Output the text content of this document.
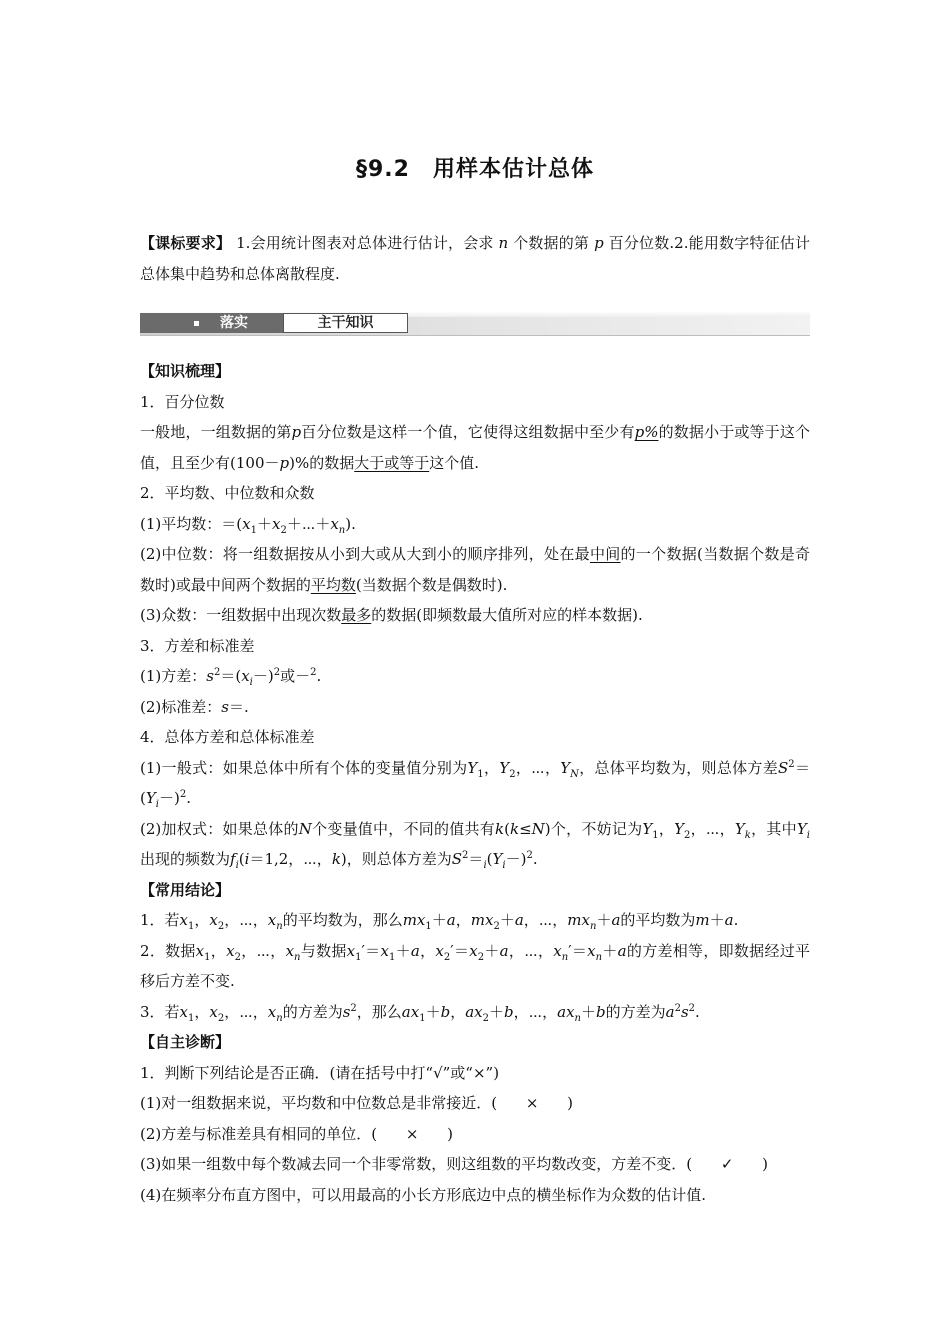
§9.2　用样本估计总体
【课标要求】 1.会用统计图表对总体进行估计，会求 n 个数据的第 p 百分位数.2.能用数字特征估计总体集中趋势和总体离散程度.
落实	主干知识
【知识梳理】
1．百分位数
一般地，一组数据的第p百分位数是这样一个值，它使得这组数据中至少有p%的数据小于或等于这个值，且至少有(100－p)%的数据大于或等于这个值.
2．平均数、中位数和众数
(1)平均数：$=(x_1+x_2+\cdots+x_n)$.
(2)中位数：将一组数据按从小到大或从大到小的顺序排列，处在最中间的一个数据(当数据个数是奇数时)或最中间两个数据的平均数(当数据个数是偶数时).
(3)众数：一组数据中出现次数最多的数据(即频数最大值所对应的样本数据).
3．方差和标准差
(1)方差：$s^2=(x_i-)^2$或－$^2$.
(2)标准差：s＝.
4．总体方差和总体标准差
(1)一般式：如果总体中所有个体的变量值分别为$Y_1$，$Y_2$，⋯，$Y_N$，总体平均数为，则总体方差$S^2=(Y_i-)^2$.
(2)加权式：如果总体的N个变量值中，不同的值共有k(k≤N)个，不妨记为$Y_1$，$Y_2$，⋯，$Y_k$，其中$Y_i$出现的频数为$f_i(i=1,2$，⋯，k)，则总体方差为$S^2=_i(Y_i-)^2$.
【常用结论】
1．若$x_1$，$x_2$，⋯，$x_n$的平均数为，那么$mx_1+a$，$mx_2+a$，⋯，$mx_n+a$的平均数为m＋a.
2．数据$x_1$，$x_2$，⋯，$x_n$与数据$x_1'=x_1+a$，$x_2'=x_2+a$，⋯，$x_n'=x_n+a$的方差相等，即数据经过平移后方差不变.
3．若$x_1$，$x_2$，⋯，$x_n$的方差为$s^2$，那么$ax_1+b$，$ax_2+b$，⋯，$ax_n+b$的方差为$a^2s^2$.
【自主诊断】
1．判断下列结论是否正确．(请在括号中打“√”或“×”)
(1)对一组数据来说，平均数和中位数总是非常接近．( × )
(2)方差与标准差具有相同的单位．( × )
(3)如果一组数中每个数减去同一个非零常数，则这组数的平均数改变，方差不变．( ✓ )
(4)在频率分布直方图中，可以用最高的小长方形底边中点的横坐标作为众数的估计值.
